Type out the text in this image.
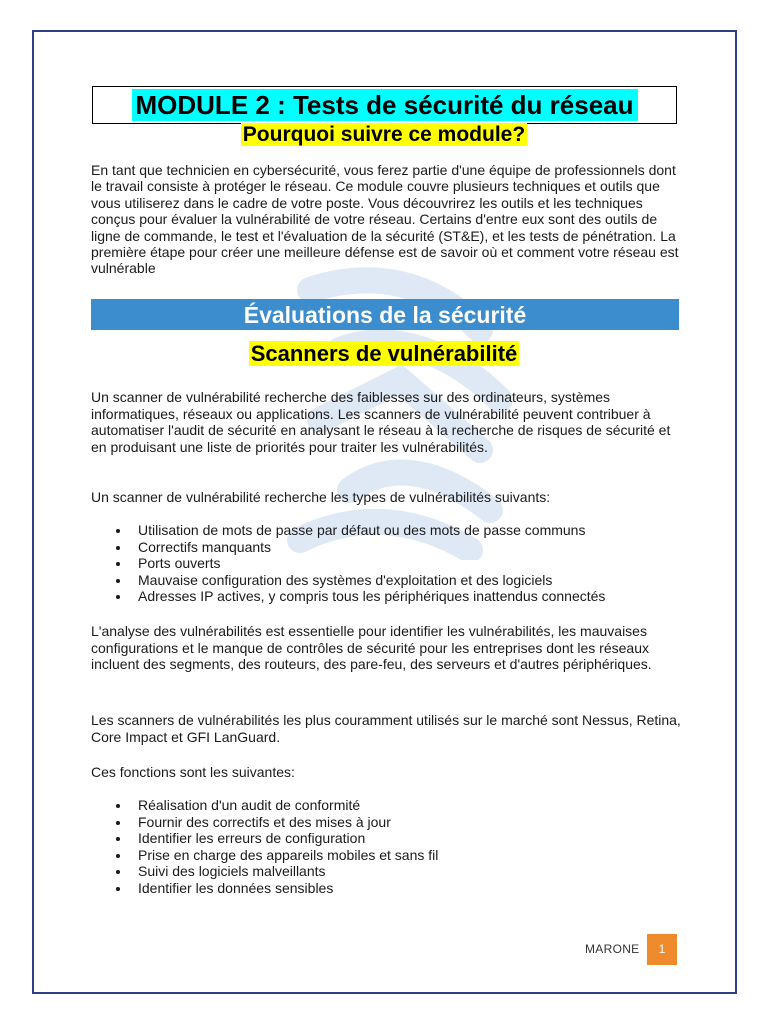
MODULE 2 : Tests de sécurité du réseau
Pourquoi suivre ce module?

En tant que technicien en cybersécurité, vous ferez partie d'une équipe de professionnels dont le travail consiste à protéger le réseau. Ce module couvre plusieurs techniques et outils que vous utiliserez dans le cadre de votre poste. Vous découvrirez les outils et les techniques conçus pour évaluer la vulnérabilité de votre réseau. Certains d'entre eux sont des outils de ligne de commande, le test et l'évaluation de la sécurité (ST&E), et les tests de pénétration. La première étape pour créer une meilleure défense est de savoir où et comment votre réseau est vulnérable

Évaluations de la sécurité
Scanners de vulnérabilité

Un scanner de vulnérabilité recherche des faiblesses sur des ordinateurs, systèmes informatiques, réseaux ou applications. Les scanners de vulnérabilité peuvent contribuer à automatiser l'audit de sécurité en analysant le réseau à la recherche de risques de sécurité et en produisant une liste de priorités pour traiter les vulnérabilités.

Un scanner de vulnérabilité recherche les types de vulnérabilités suivants:

Utilisation de mots de passe par défaut ou des mots de passe communs
Correctifs manquants
Ports ouverts
Mauvaise configuration des systèmes d'exploitation et des logiciels
Adresses IP actives, y compris tous les périphériques inattendus connectés

L'analyse des vulnérabilités est essentielle pour identifier les vulnérabilités, les mauvaises configurations et le manque de contrôles de sécurité pour les entreprises dont les réseaux incluent des segments, des routeurs, des pare-feu, des serveurs et d'autres périphériques.

Les scanners de vulnérabilités les plus couramment utilisés sur le marché sont Nessus, Retina, Core Impact et GFI LanGuard.

Ces fonctions sont les suivantes:

Réalisation d'un audit de conformité
Fournir des correctifs et des mises à jour
Identifier les erreurs de configuration
Prise en charge des appareils mobiles et sans fil
Suivi des logiciels malveillants
Identifier les données sensibles
MARONE	1
